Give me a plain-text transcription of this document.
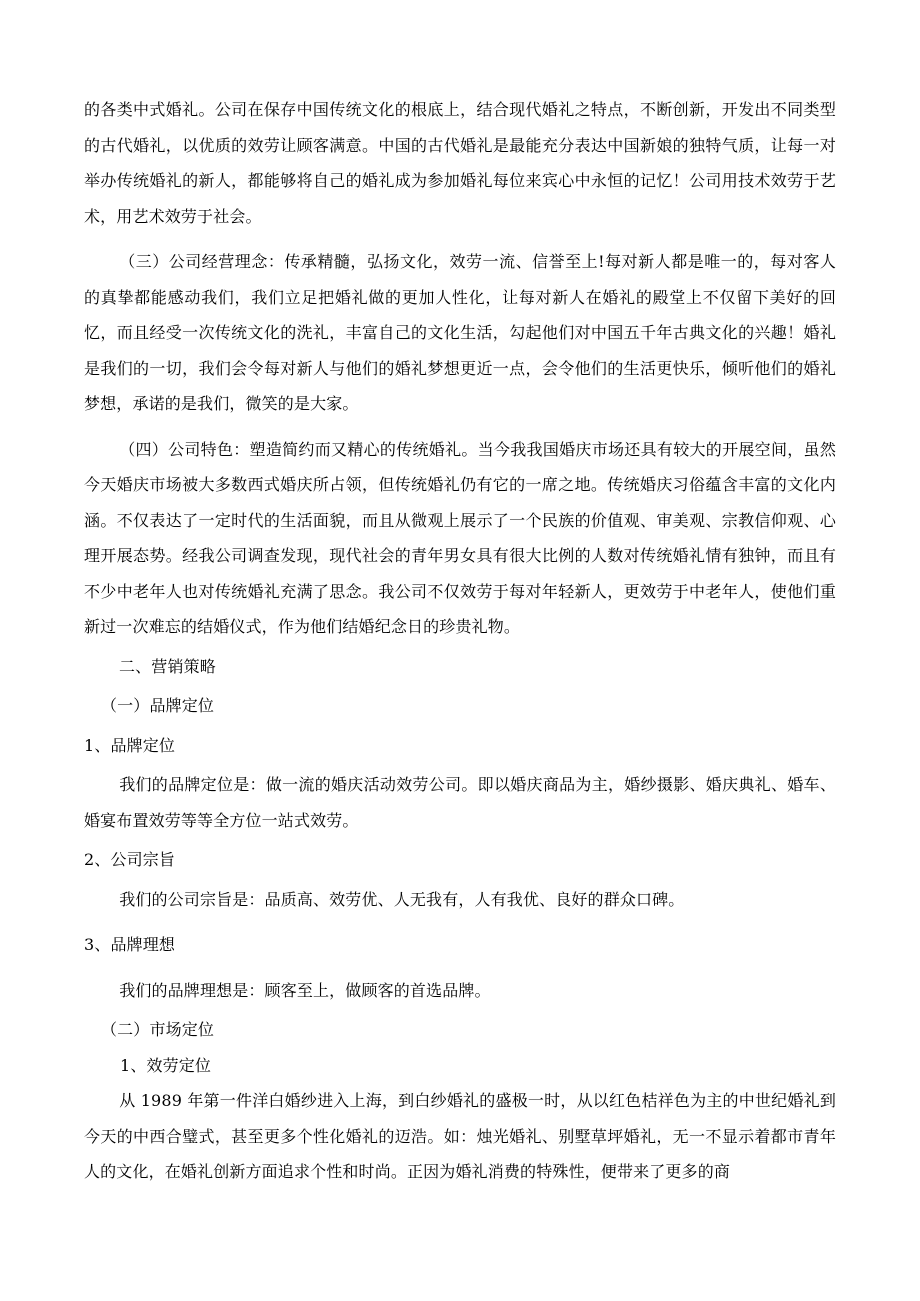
的各类中式婚礼。公司在保存中国传统文化的根底上，结合现代婚礼之特点，不断创新，开发出不同类型的古代婚礼，以优质的效劳让顾客满意。中国的古代婚礼是最能充分表达中国新娘的独特气质，让每一对举办传统婚礼的新人，都能够将自己的婚礼成为参加婚礼每位来宾心中永恒的记忆！公司用技术效劳于艺术，用艺术效劳于社会。

（三）公司经营理念：传承精髓，弘扬文化，效劳一流、信誉至上!每对新人都是唯一的，每对客人的真挚都能感动我们，我们立足把婚礼做的更加人性化，让每对新人在婚礼的殿堂上不仅留下美好的回忆，而且经受一次传统文化的洗礼，丰富自己的文化生活，勾起他们对中国五千年古典文化的兴趣！婚礼是我们的一切，我们会令每对新人与他们的婚礼梦想更近一点，会令他们的生活更快乐，倾听他们的婚礼梦想，承诺的是我们，微笑的是大家。

（四）公司特色：塑造简约而又精心的传统婚礼。当今我我国婚庆市场还具有较大的开展空间，虽然今天婚庆市场被大多数西式婚庆所占领，但传统婚礼仍有它的一席之地。传统婚庆习俗蕴含丰富的文化内涵。不仅表达了一定时代的生活面貌，而且从微观上展示了一个民族的价值观、审美观、宗教信仰观、心理开展态势。经我公司调查发现，现代社会的青年男女具有很大比例的人数对传统婚礼情有独钟，而且有不少中老年人也对传统婚礼充满了思念。我公司不仅效劳于每对年轻新人，更效劳于中老年人，使他们重新过一次难忘的结婚仪式，作为他们结婚纪念日的珍贵礼物。

二、营销策略

（一）品牌定位

1、品牌定位

我们的品牌定位是：做一流的婚庆活动效劳公司。即以婚庆商品为主，婚纱摄影、婚庆典礼、婚车、婚宴布置效劳等等全方位一站式效劳。

2、公司宗旨

我们的公司宗旨是：品质高、效劳优、人无我有，人有我优、良好的群众口碑。

3、品牌理想

我们的品牌理想是：顾客至上，做顾客的首选品牌。

（二）市场定位

1、效劳定位

从 1989 年第一件洋白婚纱进入上海，到白纱婚礼的盛极一时，从以红色桔祥色为主的中世纪婚礼到今天的中西合璧式，甚至更多个性化婚礼的迈浩。如：烛光婚礼、别墅草坪婚礼，无一不显示着都市青年人的文化，在婚礼创新方面追求个性和时尚。正因为婚礼消费的特殊性，便带来了更多的商
